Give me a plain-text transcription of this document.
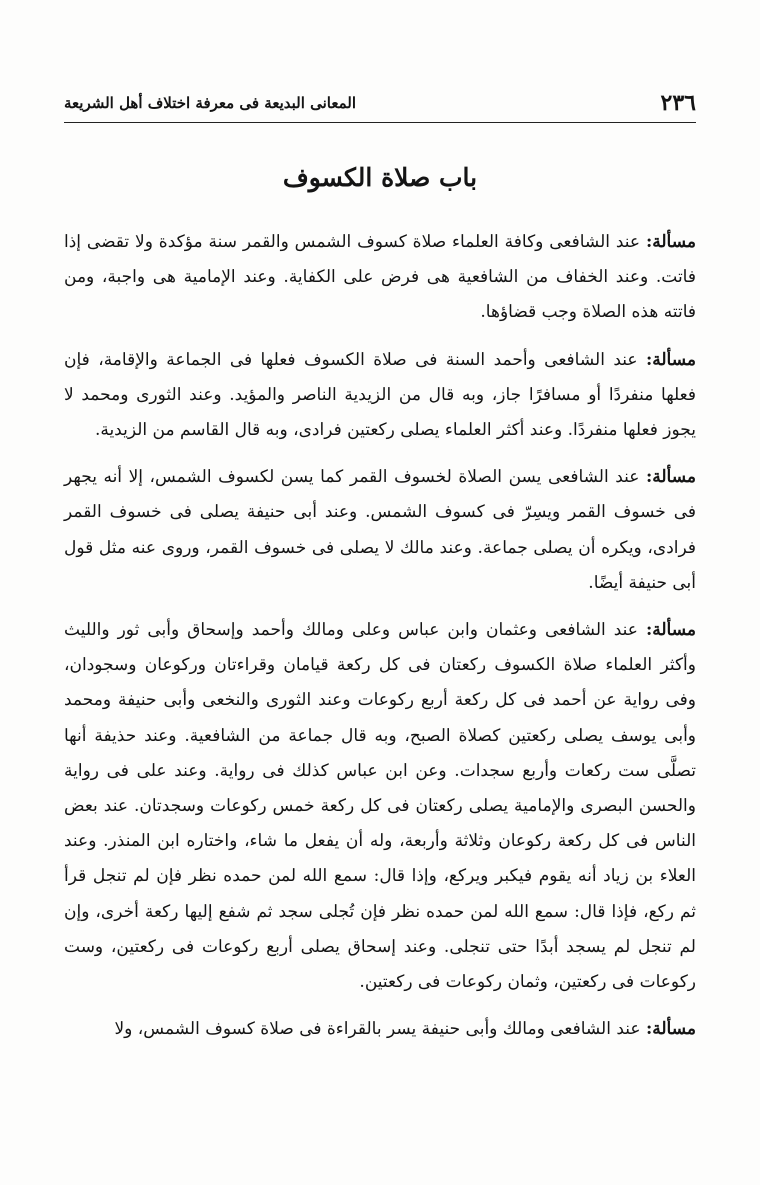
٢٣٦
المعانى البديعة فى معرفة اختلاف أهل الشريعة
باب صلاة الكسوف

مسألة: عند الشافعى وكافة العلماء صلاة كسوف الشمس والقمر سنة مؤكدة ولا تقضى إذا فاتت. وعند الخفاف من الشافعية هى فرض على الكفاية. وعند الإمامية هى واجبة، ومن فاتته هذه الصلاة وجب قضاؤها.

مسألة: عند الشافعى وأحمد السنة فى صلاة الكسوف فعلها فى الجماعة والإقامة، فإن فعلها منفردًا أو مسافرًا جاز، وبه قال من الزيدية الناصر والمؤيد. وعند الثورى ومحمد لا يجوز فعلها منفردًا. وعند أكثر العلماء يصلى ركعتين فرادى، وبه قال القاسم من الزيدية.

مسألة: عند الشافعى يسن الصلاة لخسوف القمر كما يسن لكسوف الشمس، إلا أنه يجهر فى خسوف القمر ويسِرّ فى كسوف الشمس. وعند أبى حنيفة يصلى فى خسوف القمر فرادى، ويكره أن يصلى جماعة. وعند مالك لا يصلى فى خسوف القمر، وروى عنه مثل قول أبى حنيفة أيضًا.

مسألة: عند الشافعى وعثمان وابن عباس وعلى ومالك وأحمد وإسحاق وأبى ثور والليث وأكثر العلماء صلاة الكسوف ركعتان فى كل ركعة قيامان وقراءتان وركوعان وسجودان، وفى رواية عن أحمد فى كل ركعة أربع ركوعات وعند الثورى والنخعى وأبى حنيفة ومحمد وأبى يوسف يصلى ركعتين كصلاة الصبح، وبه قال جماعة من الشافعية. وعند حذيفة أنها تصلَّى ست ركعات وأربع سجدات. وعن ابن عباس كذلك فى رواية. وعند على فى رواية والحسن البصرى والإمامية يصلى ركعتان فى كل ركعة خمس ركوعات وسجدتان. عند بعض الناس فى كل ركعة ركوعان وثلاثة وأربعة، وله أن يفعل ما شاء، واختاره ابن المنذر. وعند العلاء بن زياد أنه يقوم فيكبر ويركع، وإذا قال: سمع الله لمن حمده نظر فإن لم تنجل قرأ ثم ركع، فإذا قال: سمع الله لمن حمده نظر فإن تُجلى سجد ثم شفع إليها ركعة أخرى، وإن لم تنجل لم يسجد أبدًا حتى تنجلى. وعند إسحاق يصلى أربع ركوعات فى ركعتين، وست ركوعات فى ركعتين، وثمان ركوعات فى ركعتين.

مسألة: عند الشافعى ومالك وأبى حنيفة يسر بالقراءة فى صلاة كسوف الشمس، ولا
